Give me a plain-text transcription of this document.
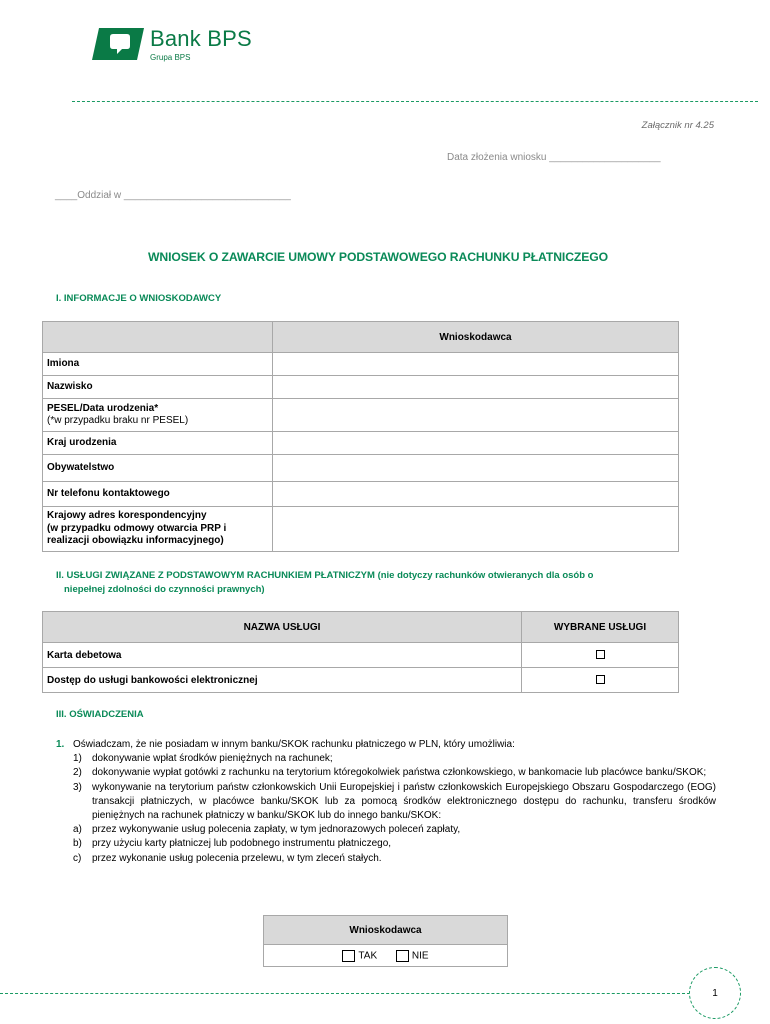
Bank BPS
Grupa BPS
Załącznik nr 4.25
Data złożenia wniosku ____________________
____Oddział w ______________________________
WNIOSEK O ZAWARCIE UMOWY PODSTAWOWEGO RACHUNKU PŁATNICZEGO
I. INFORMACJE O WNIOSKODAWCY
	Wnioskodawca
Imiona	
Nazwisko	

PESEL/Data urodzenia*
(*w przypadku braku nr PESEL)	

Kraj urodzenia	
Obywatelstwo	
Nr telefonu kontaktowego	

Krajowy adres korespondencyjny
(w przypadku odmowy otwarcia PRP i
realizacji obowiązku informacyjnego)	

II. USŁUGI ZWIĄZANE Z PODSTAWOWYM RACHUNKIEM PŁATNICZYM (nie dotyczy rachunków otwieranych dla osób o
niepełnej zdolności do czynności prawnych)
NAZWA USŁUGI	WYBRANE USŁUGI
Karta debetowa	
Dostęp do usługi bankowości elektronicznej	
III. OŚWIADCZENIA
1. Oświadczam, że nie posiadam w innym banku/SKOK rachunku płatniczego w PLN, który umożliwia:
1) dokonywanie wpłat środków pieniężnych na rachunek;
2) dokonywanie wypłat gotówki z rachunku na terytorium któregokolwiek państwa członkowskiego, w bankomacie lub placówce banku/SKOK;
3) wykonywanie na terytorium państw członkowskich Unii Europejskiej i państw członkowskich Europejskiego Obszaru Gospodarczego (EOG) transakcji płatniczych, w placówce banku/SKOK lub za pomocą środków elektronicznego dostępu do rachunku, transferu środków pieniężnych na rachunek płatniczy w banku/SKOK lub do innego banku/SKOK:
a) przez wykonywanie usług polecenia zapłaty, w tym jednorazowych poleceń zapłaty,
b) przy użyciu karty płatniczej lub podobnego instrumentu płatniczego,
c) przez wykonanie usług polecenia przelewu, w tym zleceń stałych.
Wnioskodawca
TAK	NIE
1
